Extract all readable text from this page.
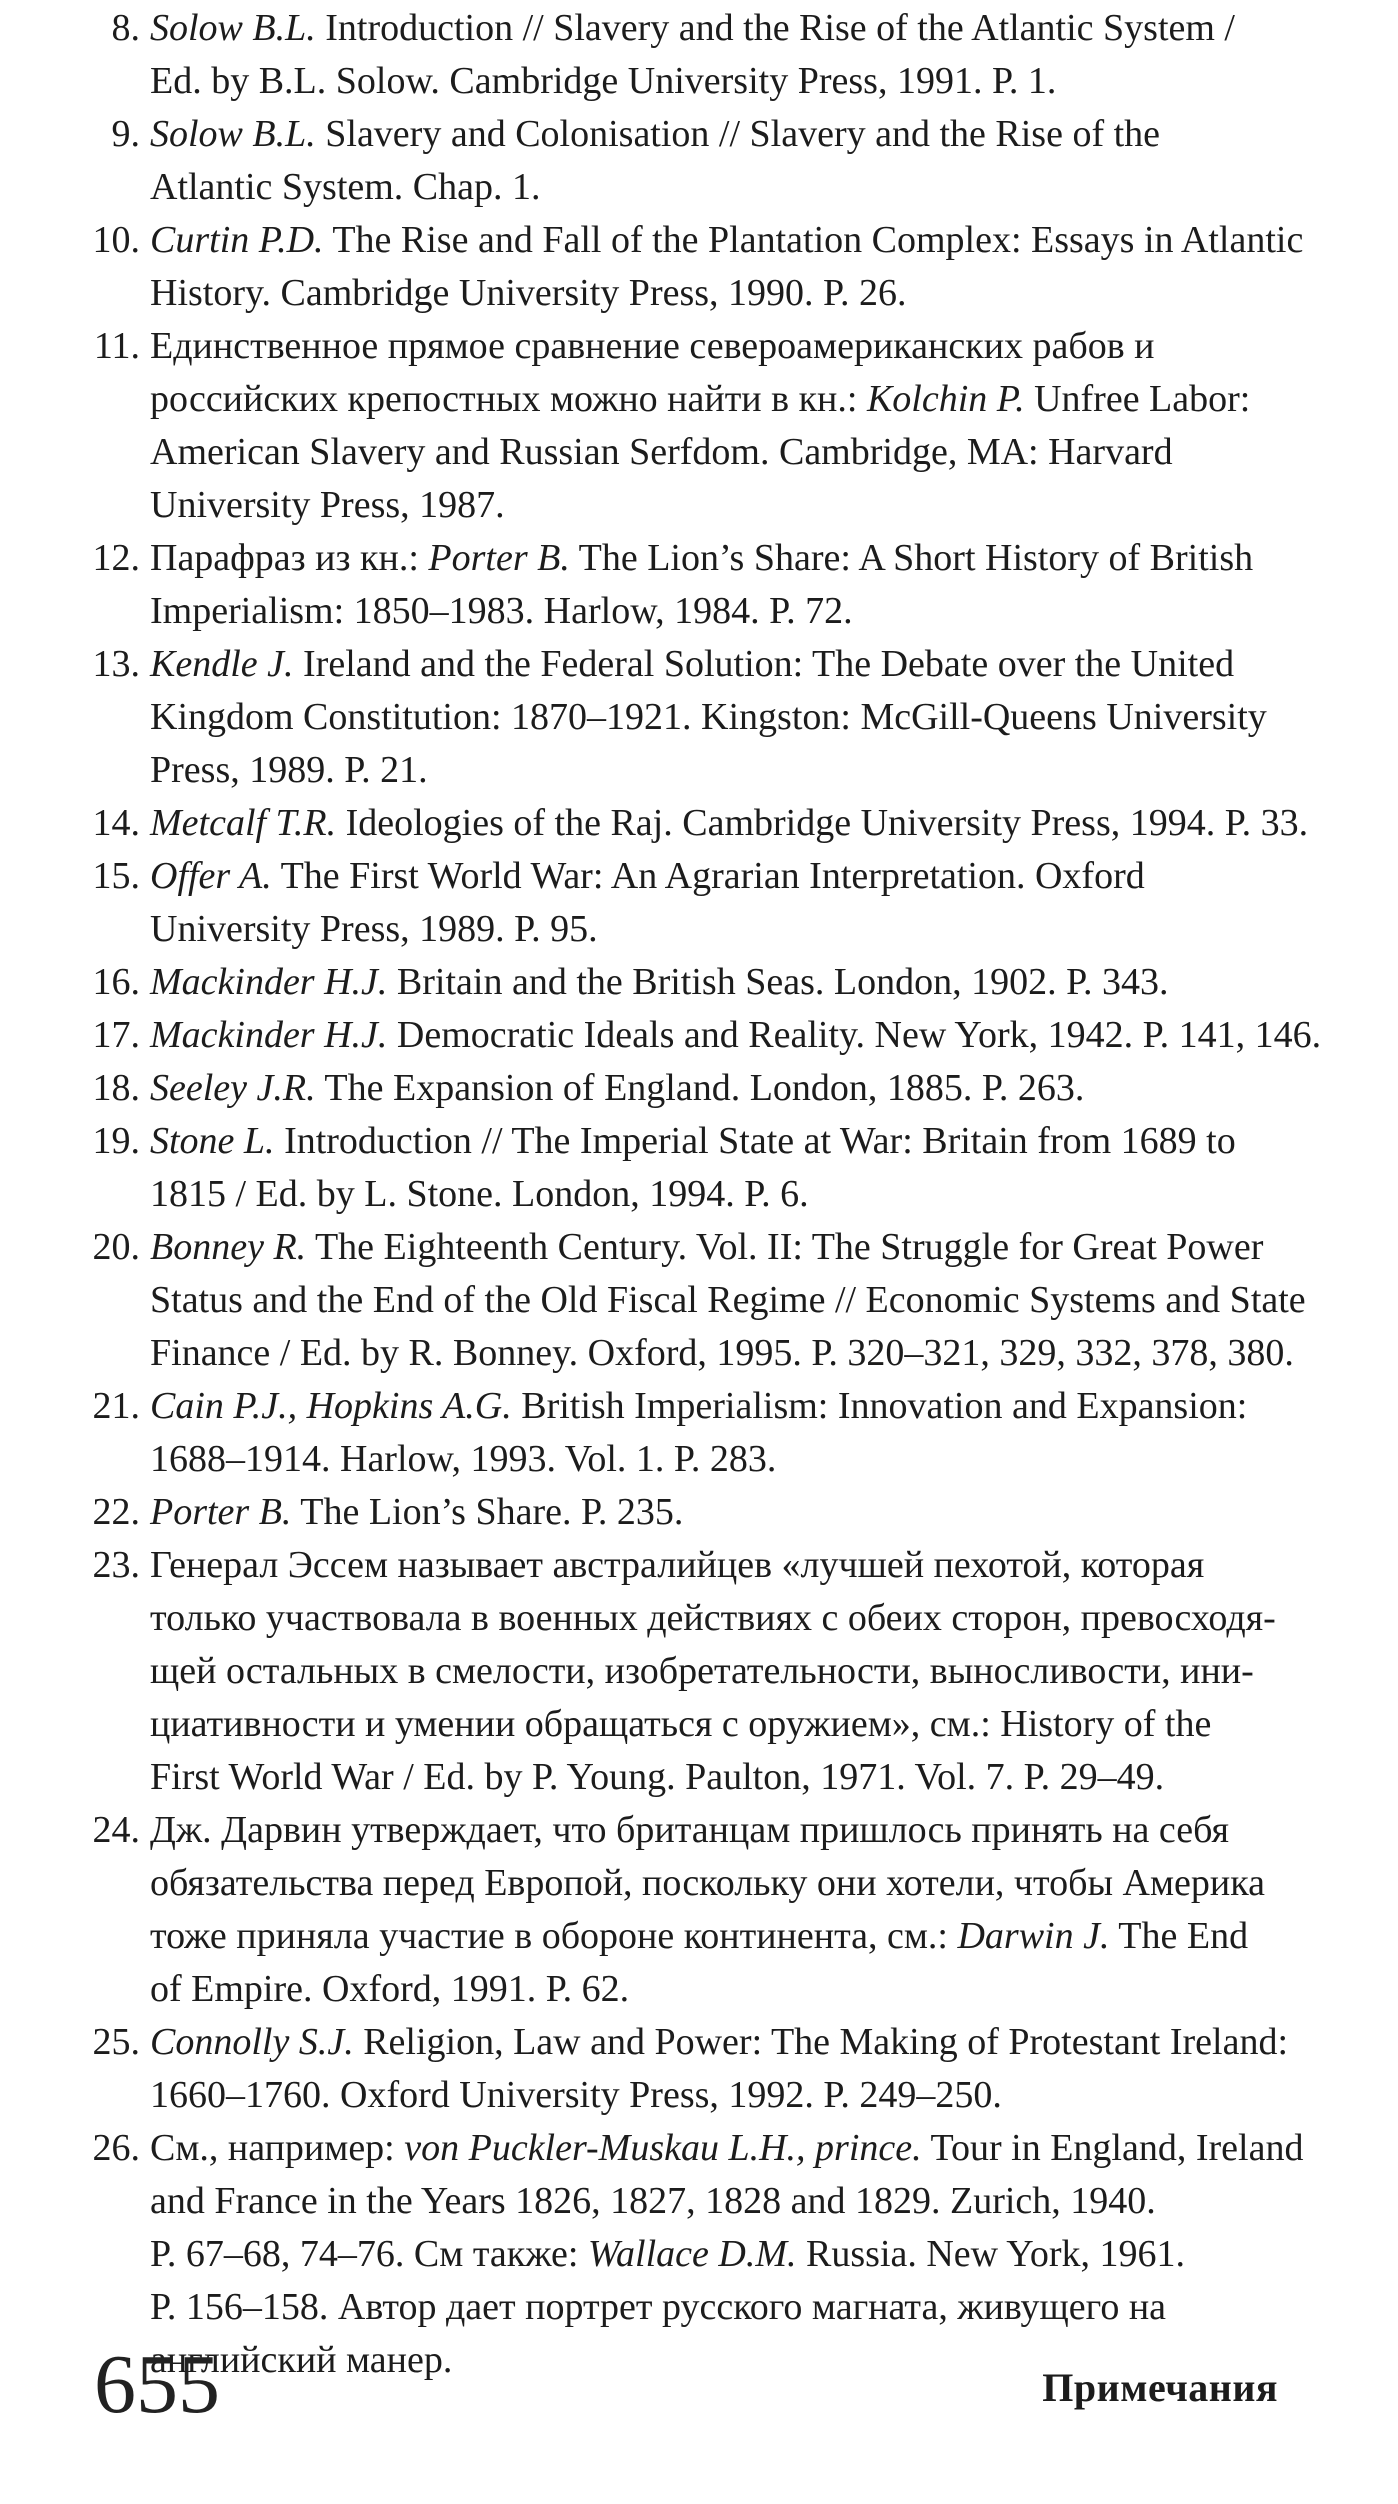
8. Solow B.L. Introduction // Slavery and the Rise of the Atlantic System /
Ed. by B.L. Solow. Cambridge University Press, 1991. P. 1.
9. Solow B.L. Slavery and Colonisation // Slavery and the Rise of the
Atlantic System. Chap. 1.
10. Curtin P.D. The Rise and Fall of the Plantation Complex: Essays in Atlantic
History. Cambridge University Press, 1990. P. 26.
11. Единственное прямое сравнение североамериканских рабов и
российских крепостных можно найти в кн.: Kolchin P. Unfree Labor:
American Slavery and Russian Serfdom. Cambridge, MA: Harvard
University Press, 1987.
12. Парафраз из кн.: Porter B. The Lion’s Share: A Short History of British
Imperialism: 1850–1983. Harlow, 1984. P. 72.
13. Kendle J. Ireland and the Federal Solution: The Debate over the United
Kingdom Constitution: 1870–1921. Kingston: McGill-Queens University
Press, 1989. P. 21.
14. Metcalf T.R. Ideologies of the Raj. Cambridge University Press, 1994. P. 33.
15. Offer A. The First World War: An Agrarian Interpretation. Oxford
University Press, 1989. P. 95.
16. Mackinder H.J. Britain and the British Seas. London, 1902. P. 343.
17. Mackinder H.J. Democratic Ideals and Reality. New York, 1942. P. 141, 146.
18. Seeley J.R. The Expansion of England. London, 1885. P. 263.
19. Stone L. Introduction // The Imperial State at War: Britain from 1689 to
1815 / Ed. by L. Stone. London, 1994. P. 6.
20. Bonney R. The Eighteenth Century. Vol. II: The Struggle for Great Power
Status and the End of the Old Fiscal Regime // Economic Systems and State
Finance / Ed. by R. Bonney. Oxford, 1995. P. 320–321, 329, 332, 378, 380.
21. Cain P.J., Hopkins A.G. British Imperialism: Innovation and Expansion:
1688–1914. Harlow, 1993. Vol. 1. P. 283.
22. Porter B. The Lion’s Share. P. 235.
23. Генерал Эссем называет австралийцев «лучшей пехотой, которая
только участвовала в военных действиях с обеих сторон, превосходя-
щей остальных в смелости, изобретательности, выносливости, ини-
циативности и умении обращаться с оружием», см.: History of the
First World War / Ed. by P. Young. Paulton, 1971. Vol. 7. P. 29–49.
24. Дж. Дарвин утверждает, что британцам пришлось принять на себя
обязательства перед Европой, поскольку они хотели, чтобы Америка
тоже приняла участие в обороне континента, см.: Darwin J. The End
of Empire. Oxford, 1991. P. 62.
25. Connolly S.J. Religion, Law and Power: The Making of Protestant Ireland:
1660–1760. Oxford University Press, 1992. P. 249–250.
26. См., например: von Puckler-Muskau L.H., prince. Tour in England, Ireland
and France in the Years 1826, 1827, 1828 and 1829. Zurich, 1940.
P. 67–68, 74–76. См также: Wallace D.M. Russia. New York, 1961.
P. 156–158. Автор дает портрет русского магната, живущего на
английский манер.
655	Примечания
